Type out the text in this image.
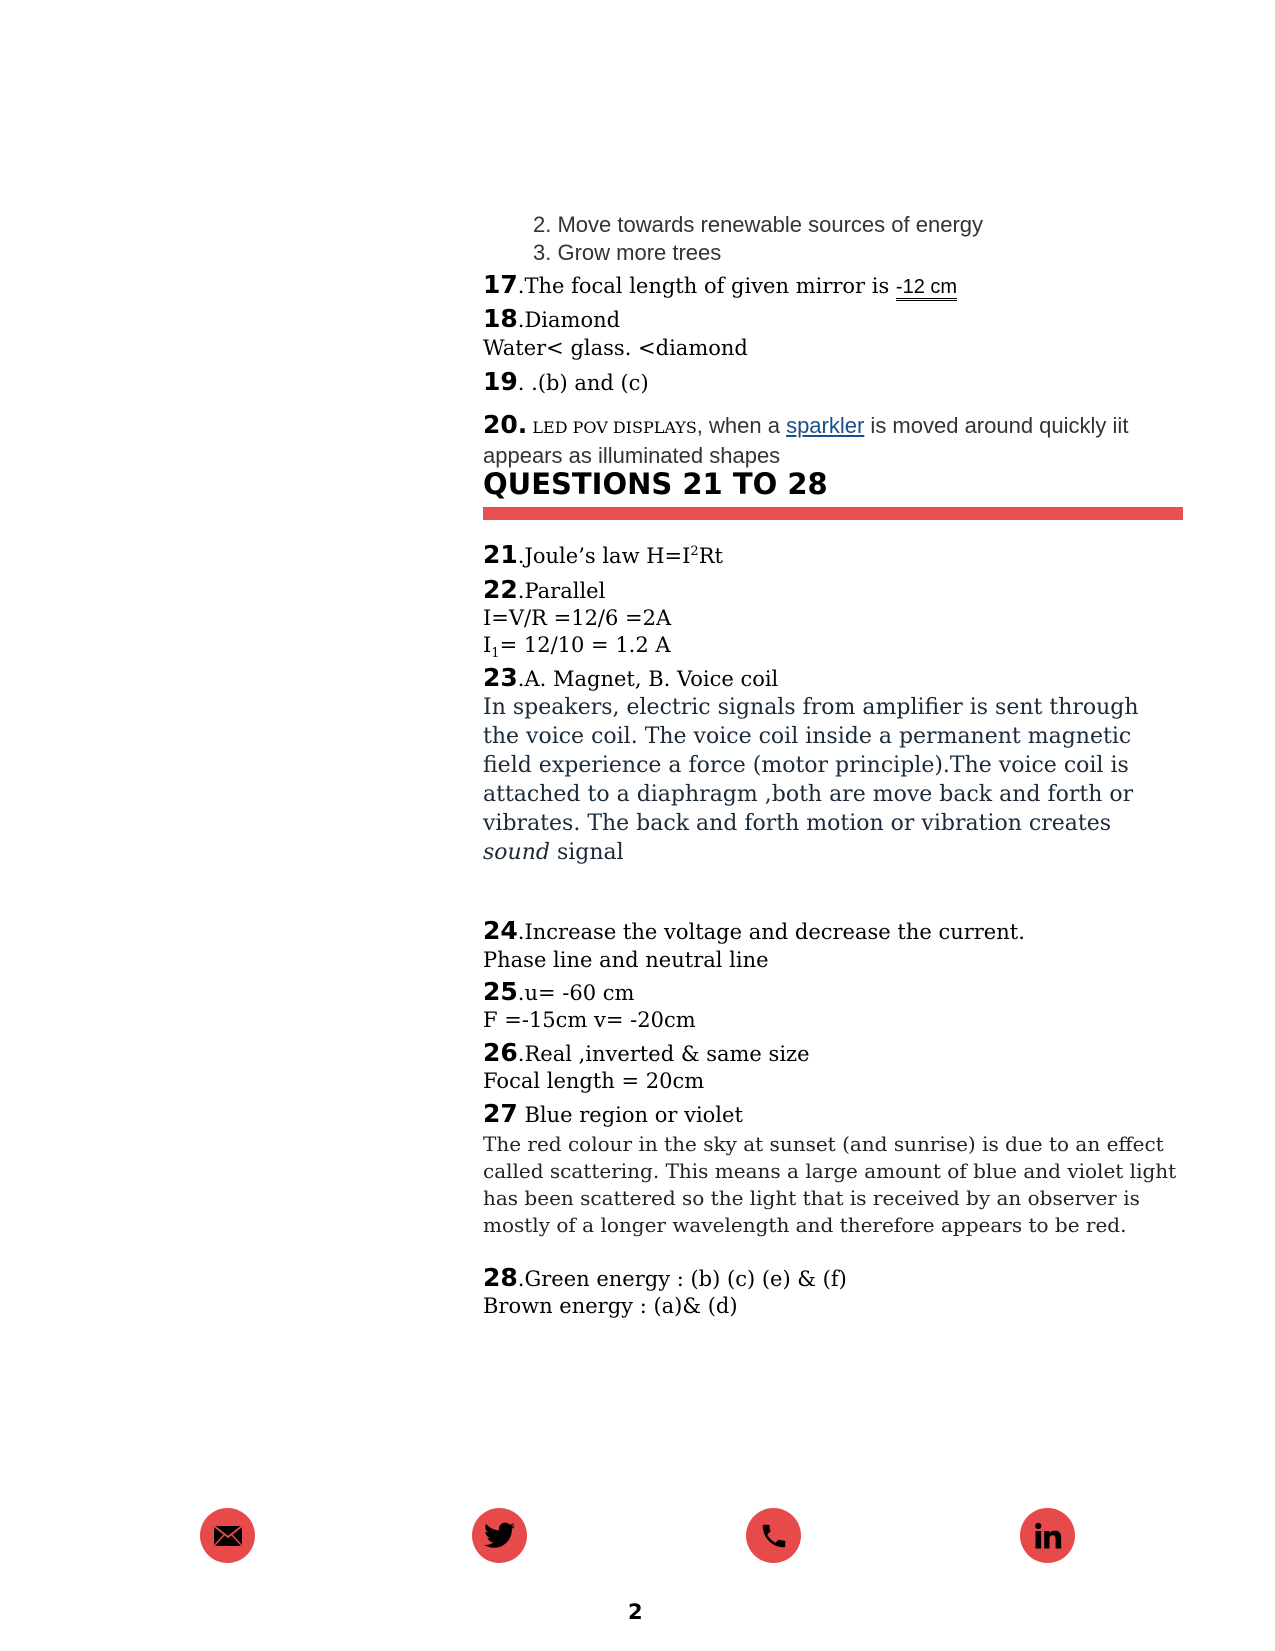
2. Move towards renewable sources of energy
3. Grow more trees
17.The focal length of given mirror is -12 cm
18.Diamond
Water< glass. <diamond
19. .(b) and (c)
20. LED POV DISPLAYS, when a sparkler is moved around quickly iit
appears as illuminated shapes
QUESTIONS 21 TO 28
21.Joule’s law $H=I^2Rt$
22.Parallel
I=V/R =12/6 =2A
$I_1= 12/10 = 1.2$ A
23.A. Magnet, B. Voice coil
In speakers, electric signals from amplifier is sent through the voice coil. The voice coil inside a permanent magnetic field experience a force (motor principle).The voice coil is attached to a diaphragm ,both are move back and forth or vibrates. The back and forth motion or vibration creates sound signal
24.Increase the voltage and decrease the current.
Phase line and neutral line
25.u= -60 cm
F =-15cm v= -20cm
26.Real ,inverted & same size
Focal length = 20cm
27 Blue region or violet
The red colour in the sky at sunset (and sunrise) is due to an effect called scattering. This means a large amount of blue and violet light has been scattered so the light that is received by an observer is mostly of a longer wavelength and therefore appears to be red.
28.Green energy : (b) (c) (e) & (f)
Brown energy : (a)& (d)
2
